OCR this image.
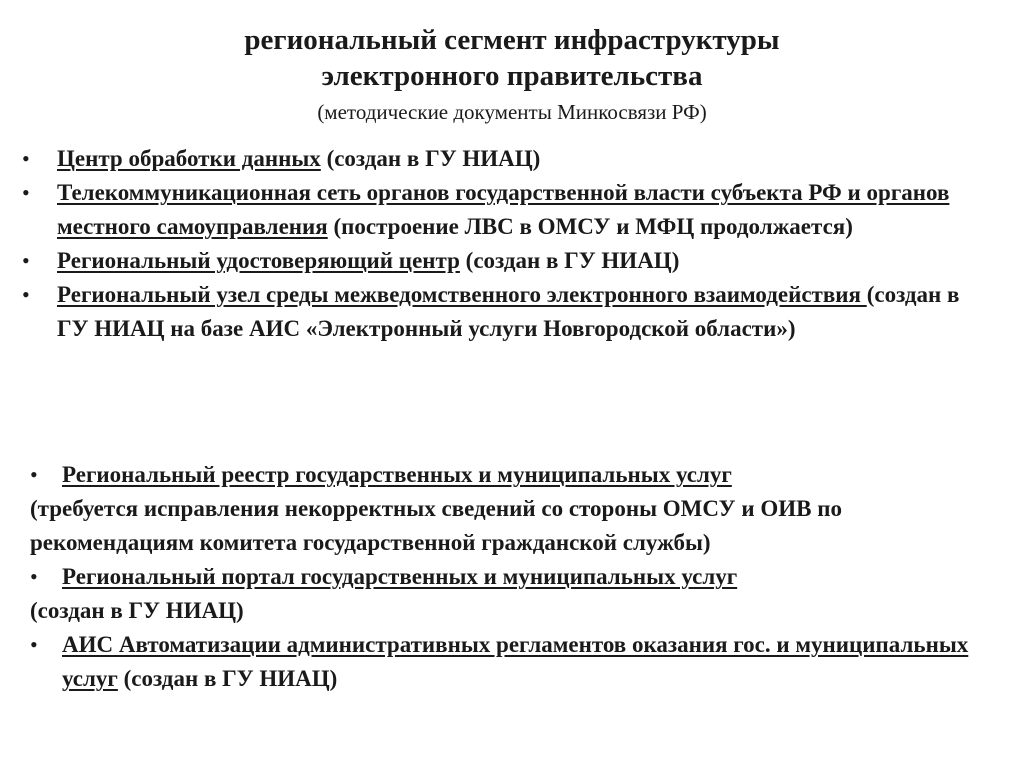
региональный сегмент инфраструктуры
электронного правительства
(методические документы Минкосвязи РФ)
• Центр обработки данных (создан в ГУ НИАЦ)
• Телекоммуникационная сеть органов государственной власти субъекта РФ и органов местного самоуправления (построение ЛВС в ОМСУ и МФЦ продолжается)
• Региональный удостоверяющий центр (создан в ГУ НИАЦ)
• Региональный узел среды межведомственного электронного взаимодействия (создан в ГУ НИАЦ на базе АИС «Электронный услуги Новгородской области»)
• Региональный реестр государственных и муниципальных услуг
(требуется исправления некорректных сведений со стороны ОМСУ и ОИВ по рекомендациям комитета государственной гражданской службы)
• Региональный портал государственных и муниципальных услуг
(создан в ГУ НИАЦ)
• АИС Автоматизации административных регламентов оказания гос. и муниципальных услуг (создан в ГУ НИАЦ)
